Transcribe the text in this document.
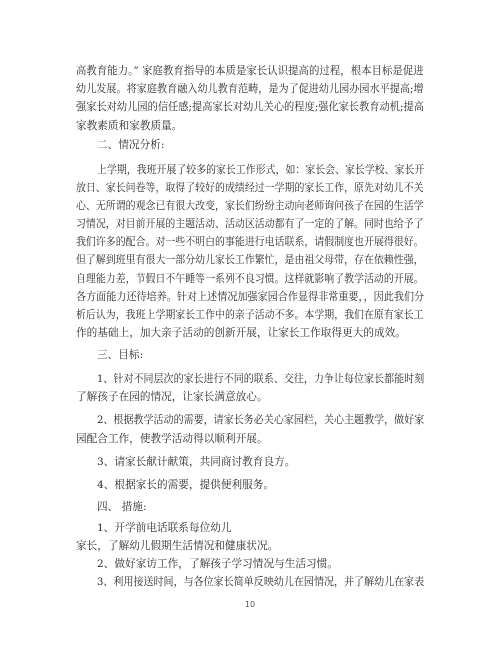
高教育能力。” 家庭教育指导的本质是家长认识提高的过程，根本目标是促进
幼儿发展。将家庭教育融入幼儿教育范畴，是为了促进幼儿园办园水平提高;增
强家长对幼儿园的信任感;提高家长对幼儿关心的程度;强化家长教育动机;提高
家教素质和家教质量。
二、情况分析:
上学期，我班开展了较多的家长工作形式，如：家长会、家长学校、家长开
放日、家长问卷等，取得了较好的成绩经过一学期的家长工作，原先对幼儿不关
心、无所谓的观念已有很大改变，家长们纷纷主动向老师询问孩子在园的生活学
习情况，对目前开展的主题活动、活动区活动都有了一定的了解。同时也给予了
我们许多的配合。对一些不明白的事能进行电话联系，请假制度也开展得很好。
但了解到班里有很大一部分幼儿家长工作繁忙，是由祖父母带，存在依赖性强，
自理能力差，节假日不午睡等一系列不良习惯。这样就影响了教学活动的开展。
各方面能力还待培养。针对上述情况加强家园合作显得非常重要，，因此我们分
析后认为，我班上学期家长工作中的亲子活动不多。本学期，我们在原有家长工
作的基础上，加大亲子活动的创新开展，让家长工作取得更大的成效。
三、目标:
1、针对不同层次的家长进行不同的联系、交往，力争让每位家长都能时刻
了解孩子在园的情况，让家长满意放心。
2、根据教学活动的需要，请家长务必关心家园栏，关心主题教学，做好家
园配合工作，使教学活动得以顺利开展。
3、请家长献计献策，共同商讨教育良方。
4、根据家长的需要，提供便利服务。
四、 措施:
1、开学前电话联系每位幼儿
家长，了解幼儿假期生活情况和健康状况。
2、做好家访工作，了解孩子学习情况与生活习惯。
3、利用接送时间，与各位家长简单反映幼儿在园情况，并了解幼儿在家表
10
